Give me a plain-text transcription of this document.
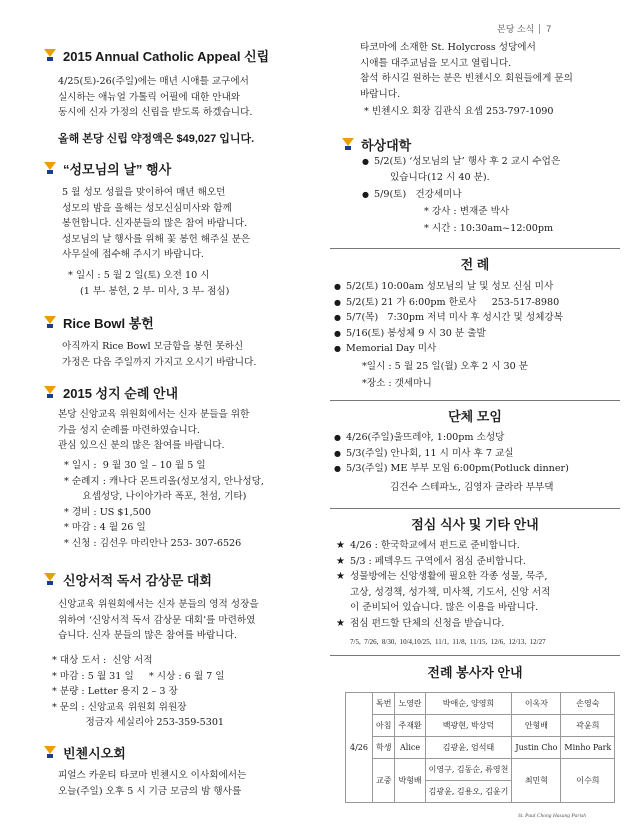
본당 소식 7
2015 Annual Catholic Appeal 신립

4/25(토)-26(주일)에는 매년 시애틀 교구에서
실시하는 애뉴얼 가톨릭 어필에 대한 안내와
동시에 신자 가정의 신립을 받도록 하겠습니다.

올해 본당 신립 약정액은 $49,027 입니다.

“성모님의 날” 행사

5 월 성모 성월을 맞이하여 매년 해오던
성모의 밤을 올해는 성모신심미사와 함께
봉헌합니다. 신자분들의 많은 참여 바랍니다.
성모님의 날 행사를 위해 꽃 봉헌 해주실 분은
사무실에 접수해 주시기 바랍니다.

* 일시 : 5 월 2 일(토) 오전 10 시

(1 부- 봉헌, 2 부- 미사, 3 부- 점심)

Rice Bowl 봉헌

아직까지 Rice Bowl 모금함을 봉헌 못하신
가정은 다음 주일까지 가지고 오시기 바랍니다.

2015 성지 순례 안내

본당 신앙교육 위원회에서는 신자 분들을 위한
가을 성지 순례를 마련하였습니다.
관심 있으신 분의 많은 참여를 바랍니다.

* 일시 :  9 월 30 일 – 10 월 5 일
* 순례지 : 캐나다 몬트리올(성모성지, 안나성당,
요셉성당, 나이아가라 폭포, 천섬, 기타)
* 경비 : US $1,500
* 마감 : 4 월 26 일
* 신청 : 김선우 마리안나 253- 307-6526
신앙서적 독서 감상문 대회

신앙교육 위원회에서는 신자 분들의 영적 성장을
위하여 ‘신앙서적 독서 감상문 대회’를 마련하였
습니다. 신자 분들의 많은 참여를 바랍니다.

* 대상 도서 :  신앙 서적
* 마감 : 5 월 31 일     * 시상 : 6 월 7 일
* 분량 : Letter 용지 2 – 3 장
* 문의 : 신앙교육 위원회 위원장
정금자 세실리아 253-359-5301
빈첸시오회

피얼스 카운티 타코마 빈첸시오 이사회에서는
오늘(주일) 오후 5 시 기금 모금의 밤 행사를

타코마에 소재한 St. Holycross 성당에서
시애틀 대주교님을 모시고 열립니다.
참석 하시길 원하는 분은 빈첸시오 회원들에게 문의
바랍니다.

* 빈첸시오 회장 김관식 요셉 253-797-1090

하상대학
● 5/2(토) ‘성모님의 날’ 행사 후 2 교시 수업은

있습니다(12 시 40 분).

● 5/9(토)   건강세미나

* 강사 : 변재준 박사

* 시간 : 10:30am~12:00pm

전 례
● 5/2(토) 10:00am 성모님의 날 및 성모 신심 미사
● 5/2(토) 21 가 6:00pm 한로사     253-517-8980
● 5/7(목)   7:30pm 저녁 미사 후 성시간 및 성체강복
● 5/16(토) 봉성체 9 시 30 분 출발
● Memorial Day 미사

*일시 : 5 월 25 일(월) 오후 2 시 30 분

*장소 : 갯세마니

단체 모임
● 4/26(주일)울뜨레야, 1:00pm 소성당
● 5/3(주일) 안나회, 11 시 미사 후 7 교실
● 5/3(주일) ME 부부 모임 6:00pm(Potluck dinner)

김건수 스테파노, 김영자 글라라 부부댁

점심 식사 및 기타 안내
★ 4/26 : 한국학교에서 펀드로 준비합니다.
★ 5/3 : 페덱우드 구역에서 점심 준비합니다.
★ 성물방에는 신앙생활에 필요한 각종 성물, 묵주,
고상, 성경책, 성가책, 미사책, 기도서, 신앙 서적
이 준비되어 있습니다. 많은 이용을 바랍니다.
★ 점심 펀드할 단체의 신청을 받습니다.

7/5,  7/26,  8/30,  10/4,10/25,  11/1,  11/8,  11/15,  12/6,  12/13,  12/27

전례 봉사자 안내
4/26	독번	노영란	박애순, 양영희	이옥자	손영숙
	아침	주재환	백광현, 박상덕	안형배	곽윤희
	학생	Alice	김광윤, 엄석태	Justin Cho	Minho Park
	교중	박형배	이영구, 김동순, 류영천	최민혁	이수희
			김광윤, 김용오, 김윤기		
St. Paul Chong Hasang Parish
